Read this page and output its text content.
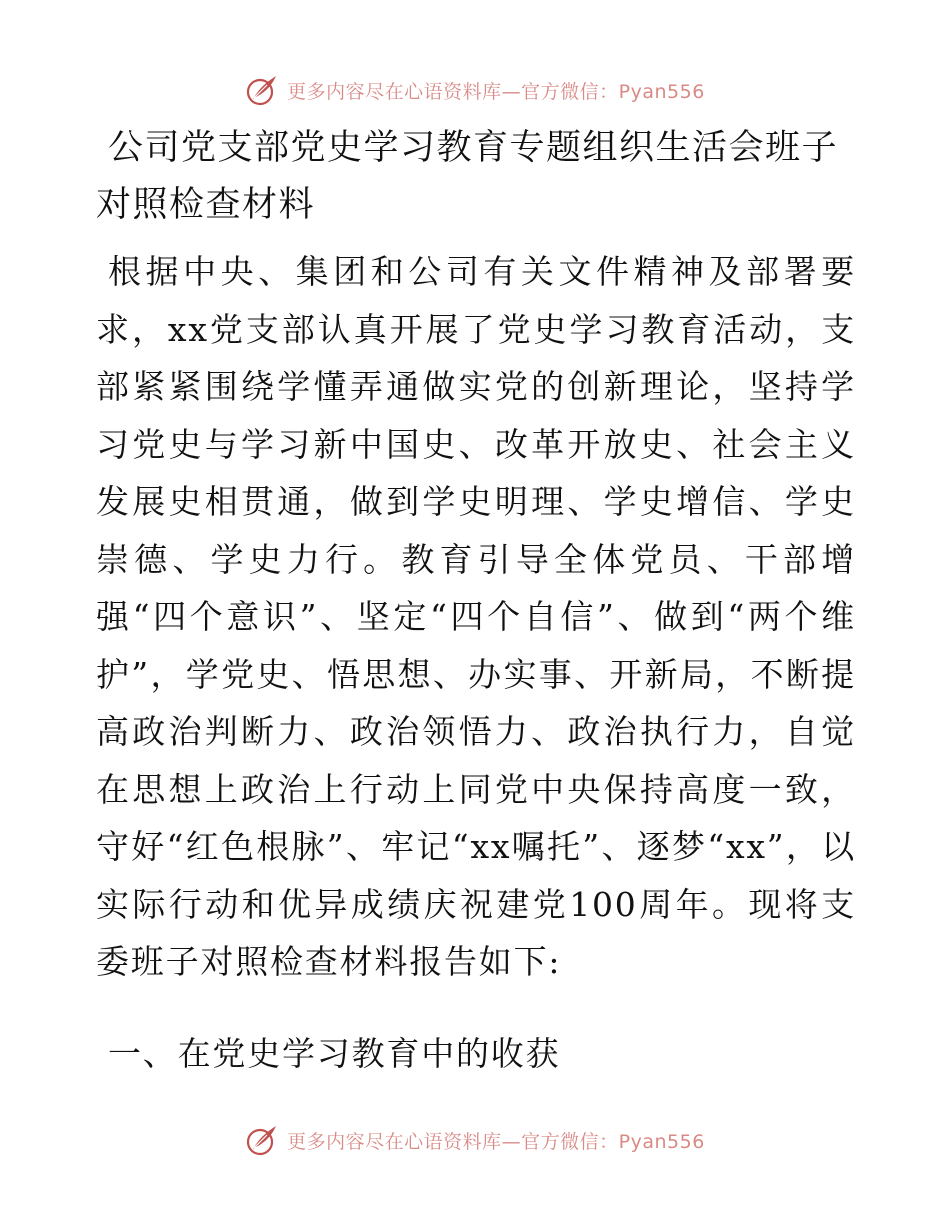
更多内容尽在心语资料库—官方微信：Pyan556
公司党支部党史学习教育专题组织生活会班子对照检查材料

根据中央、集团和公司有关文件精神及部署要求，xx党支部认真开展了党史学习教育活动，支部紧紧围绕学懂弄通做实党的创新理论，坚持学习党史与学习新中国史、改革开放史、社会主义发展史相贯通，做到学史明理、学史增信、学史崇德、学史力行。教育引导全体党员、干部增强“四个意识”、坚定“四个自信”、做到“两个维护”，学党史、悟思想、办实事、开新局，不断提高政治判断力、政治领悟力、政治执行力，自觉在思想上政治上行动上同党中央保持高度一致，守好“红色根脉”、牢记“xx嘱托”、逐梦“xx”，以实际行动和优异成绩庆祝建党100周年。现将支委班子对照检查材料报告如下:

一、在党史学习教育中的收获
更多内容尽在心语资料库—官方微信：Pyan556
